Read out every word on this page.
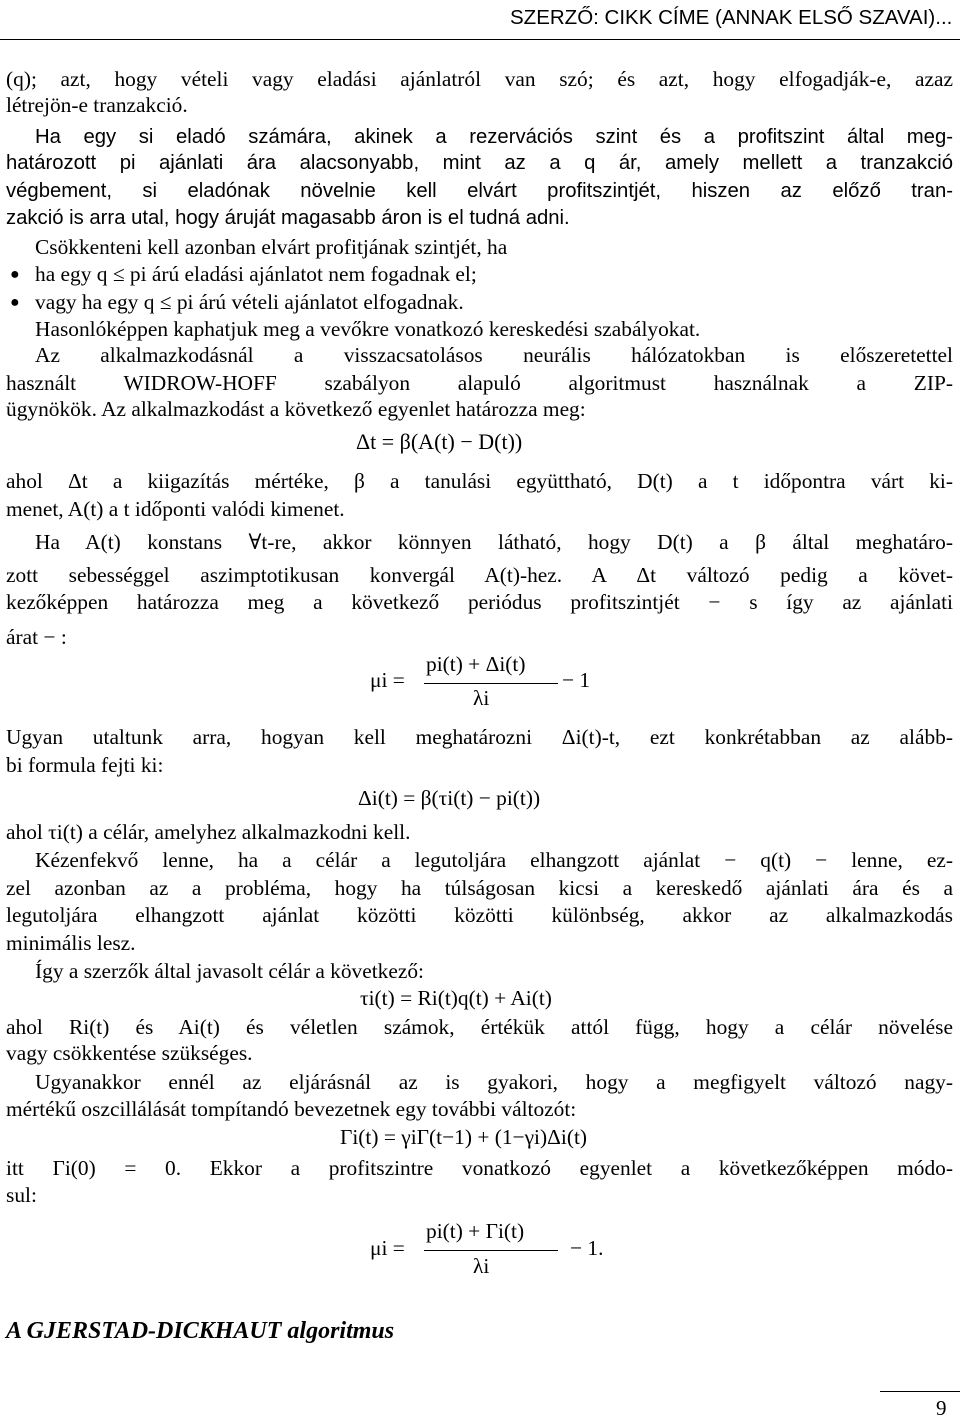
SZERZŐ: CIKK CÍME (ANNAK ELSŐ SZAVAI)...
(q); azt, hogy vételi vagy eladási ajánlatról van szó; és azt, hogy elfogadják-e, azaz
létrejön-e tranzakció.
Ha egy si eladó számára, akinek a rezervációs szint és a profitszint által meg-
határozott pi ajánlati ára alacsonyabb, mint az a q ár, amely mellett a tranzakció
végbement, si eladónak növelnie kell elvárt profitszintjét, hiszen az előző tran-
zakció is arra utal, hogy áruját magasabb áron is el tudná adni.
Csökkenteni kell azonban elvárt profitjának szintjét, ha
● ha egy q ≤ pi árú eladási ajánlatot nem fogadnak el;
● vagy ha egy q ≤ pi árú vételi ajánlatot elfogadnak.
Hasonlóképpen kaphatjuk meg a vevőkre vonatkozó kereskedési szabályokat.
Az alkalmazkodásnál a visszacsatolásos neurális hálózatokban is előszeretettel
használt WIDROW-HOFF szabályon alapuló algoritmust használnak a ZIP-
ügynökök. Az alkalmazkodást a következő egyenlet határozza meg:
Δt = β(A(t) − D(t))
ahol Δt a kiigazítás mértéke, β a tanulási együttható, D(t) a t időpontra várt ki-
menet, A(t) a t időponti valódi kimenet.
Ha A(t) konstans ∀t-re, akkor könnyen látható, hogy D(t) a β által meghatáro-
zott sebességgel aszimptotikusan konvergál A(t)-hez. A Δt változó pedig a követ-
kezőképpen határozza meg a következő periódus profitszintjét − s így az ajánlati
árat − :
μi =
pi(t) + Δi(t)
λi
− 1
Ugyan utaltunk arra, hogyan kell meghatározni Δi(t)-t, ezt konkrétabban az alább-
bi formula fejti ki:
Δi(t) = β(τi(t) − pi(t))
ahol τi(t) a célár, amelyhez alkalmazkodni kell.
Kézenfekvő lenne, ha a célár a legutoljára elhangzott ajánlat − q(t) − lenne, ez-
zel azonban az a probléma, hogy ha túlságosan kicsi a kereskedő ajánlati ára és a
legutoljára elhangzott ajánlat közötti közötti különbség, akkor az alkalmazkodás
minimális lesz.
Így a szerzők által javasolt célár a következő:
τi(t) = Ri(t)q(t) + Ai(t)
ahol Ri(t) és Ai(t) és véletlen számok, értékük attól függ, hogy a célár növelése
vagy csökkentése szükséges.
Ugyanakkor ennél az eljárásnál az is gyakori, hogy a megfigyelt változó nagy-
mértékű oszcillálását tompítandó bevezetnek egy további változót:
Γi(t) = γiΓ(t−1) + (1−γi)Δi(t)
itt Γi(0) = 0. Ekkor a profitszintre vonatkozó egyenlet a következőképpen módo-
sul:
μi =
pi(t) + Γi(t)
λi
− 1.
A GJERSTAD-DICKHAUT algoritmus
9
